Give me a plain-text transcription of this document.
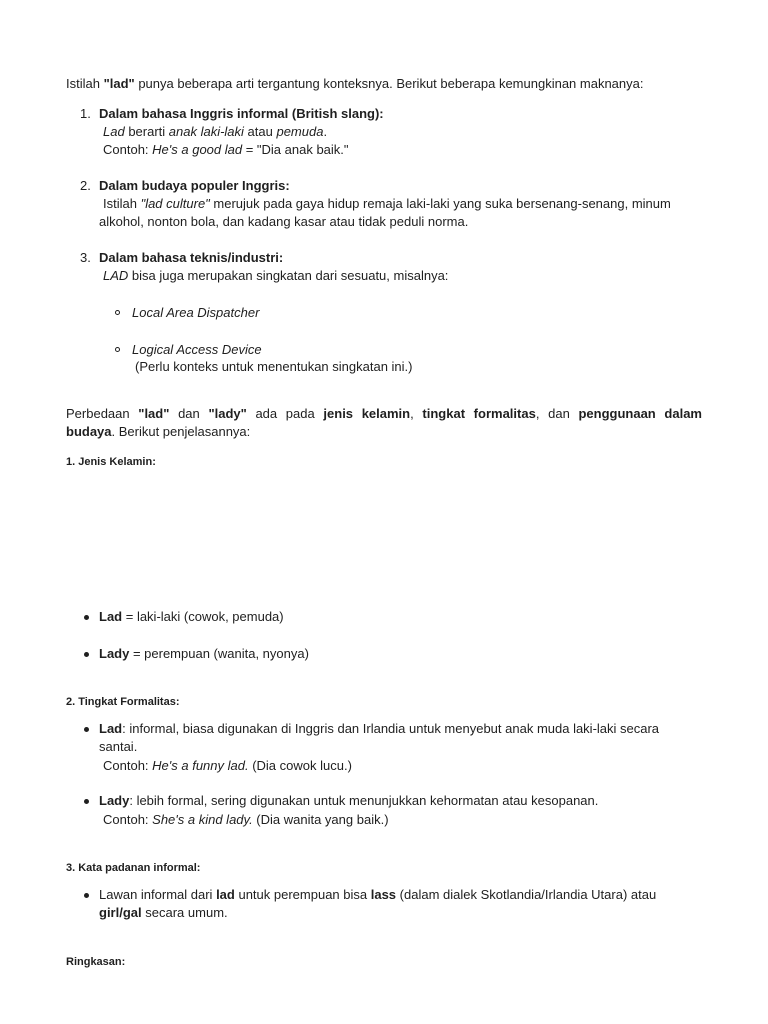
Istilah "lad" punya beberapa arti tergantung konteksnya. Berikut beberapa kemungkinan maknanya:
1. Dalam bahasa Inggris informal (British slang):
Lad berarti anak laki-laki atau pemuda.
Contoh: He's a good lad = "Dia anak baik."
2. Dalam budaya populer Inggris:
Istilah "lad culture" merujuk pada gaya hidup remaja laki-laki yang suka bersenang-senang, minum
alkohol, nonton bola, dan kadang kasar atau tidak peduli norma.
3. Dalam bahasa teknis/industri:
LAD bisa juga merupakan singkatan dari sesuatu, misalnya:
Local Area Dispatcher
Logical Access Device
(Perlu konteks untuk menentukan singkatan ini.)
Perbedaan "lad" dan "lady" ada pada jenis kelamin, tingkat formalitas, dan penggunaan dalam
budaya. Berikut penjelasannya:
1. Jenis Kelamin:
Lad = laki-laki (cowok, pemuda)
Lady = perempuan (wanita, nyonya)
2. Tingkat Formalitas:
Lad: informal, biasa digunakan di Inggris dan Irlandia untuk menyebut anak muda laki-laki secara
santai.
Contoh: He's a funny lad. (Dia cowok lucu.)
Lady: lebih formal, sering digunakan untuk menunjukkan kehormatan atau kesopanan.
Contoh: She's a kind lady. (Dia wanita yang baik.)
3. Kata padanan informal:
Lawan informal dari lad untuk perempuan bisa lass (dalam dialek Skotlandia/Irlandia Utara) atau
girl/gal secara umum.
Ringkasan:
